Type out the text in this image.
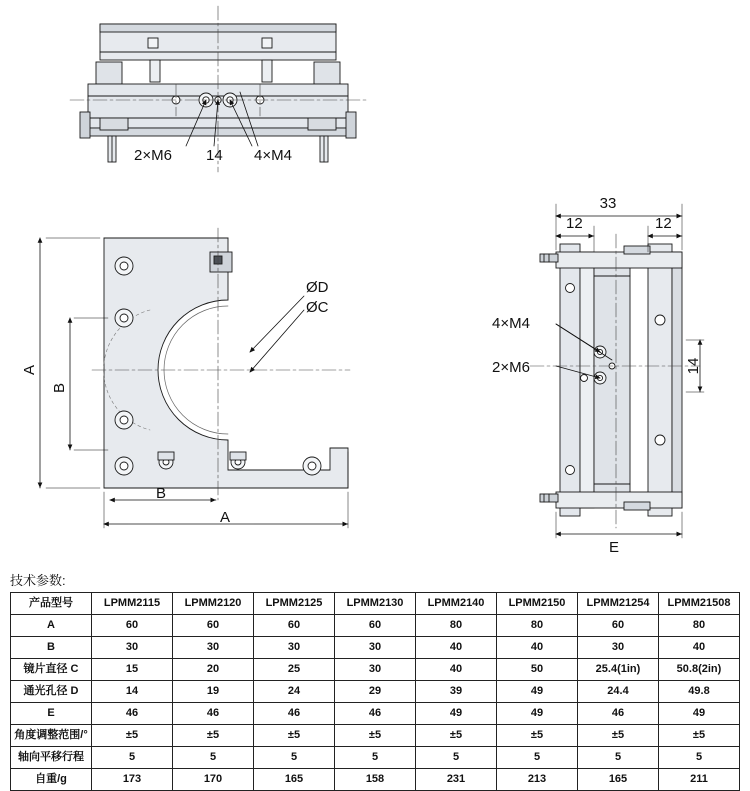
2×M6 14 4×M4
A
B
B
A
ØD
ØC
33
12	12
14
E
4×M4
2×M6
技术参数:
产品型号	LPMM2115	LPMM2120	LPMM2125	LPMM2130	LPMM2140	LPMM2150	LPMM21254	LPMM21508
A	60	60	60	60	80	80	60	80
B	30	30	30	30	40	40	30	40
镜片直径 C	15	20	25	30	40	50	25.4(1in)	50.8(2in)
通光孔径 D	14	19	24	29	39	49	24.4	49.8
E	46	46	46	46	49	49	46	49
角度调整范围/°	±5	±5	±5	±5	±5	±5	±5	±5
轴向平移行程	5	5	5	5	5	5	5	5
自重/g	173	170	165	158	231	213	165	211
